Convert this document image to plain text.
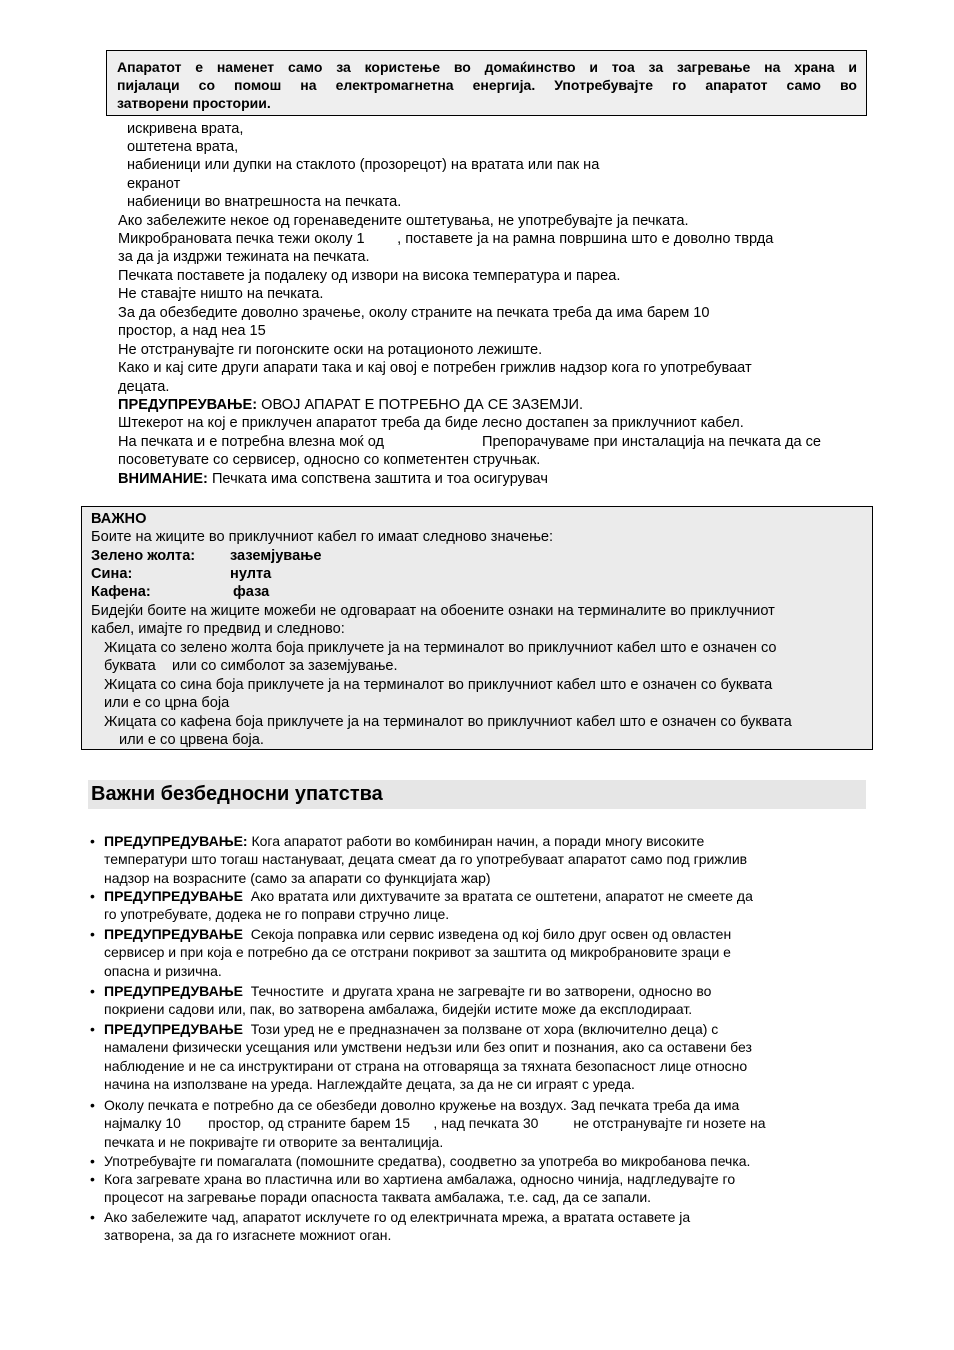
Апаратот е наменет само за користење во домаќинство и тоа за загревање на храна и
пијалаци со помош на електромагнетна енергија. Употребувајте го апаратот само во
затворени простории.
искривена врата,
оштетена врата,
набиеници или дупки на стаклото (прозорецот) на вратата или пак на
екранот
набиеници во внатрешноста на печката.
Ако забележите некое од горенаведените оштетувања, не употребувајте ја печката.
Микробрановата печка тежи околу 1        , поставете ја на рамна површина што е доволно тврда
за да ја издржи тежината на печката.
Печката поставете ја подалеку од извори на висока температура и пареа.
Не ставајте ништо на печката.
За да обезбедите доволно зрачење, околу страните на печката треба да има барем 10
простор, а над неа 15
Не отстранувајте ги погонските оски на ротационото лежиште.
Како и кај сите други апарати така и кај овој е потребен грижлив надзор кога го употребуваат
децата.
ПРЕДУПРЕУВАЊЕ: ОВОЈ АПАРАТ Е ПОТРЕБНО ДА СЕ ЗАЗЕМЈИ.
Штекерот на кој е приклучен апаратот треба да биде лесно достапен за приклучниот кабел.
На печката и е потребна влезна моќ од	Препорачуваме при инсталација на печката да се
посоветувате со сервисер, односно со копметентен стручњак.
ВНИМАНИЕ: Печката има сопствена заштита и тоа осигурувач
ВАЖНО
Боите на жиците во приклучниот кабел го имаат следново значење:
Зелено жолта: заземјување
Сина:	нулта
Кафена:	фаза
Бидејќи боите на жиците можеби не одговараат на обоените ознаки на терминалите во приклучниот
кабел, имајте го предвид и следново:
Жицата со зелено жолта боја приклучете ја на терминалот во приклучниот кабел што е означен со
буквата    или со симболот за заземјување.
Жицата со сина боја приклучете ја на терминалот во приклучниот кабел што е означен со буквата
или е со црна боја
Жицата со кафена боја приклучете ја на терминалот во приклучниот кабел што е означен со буквата
или е со црвена боја.
Важни безбедносни упатства
• ПРЕДУПРЕДУВАЊЕ: Кога апаратот работи во комбиниран начин, а поради многу високите
температури што тогаш настануваат, децата смеат да го употребуваат апаратот само под грижлив
надзор на возрасните (само за апарати со функцијата жар)
• ПРЕДУПРЕДУВАЊЕ  Ако вратата или дихтувачите за вратата се оштетени, апаратот не смеете да
го употребувате, додека не го поправи стручно лице.
• ПРЕДУПРЕДУВАЊЕ  Секоја поправка или сервис изведена од кој било друг освен од овластен
сервисер и при која е потребно да се отстрани покривот за заштита од микробрановите зраци е
опасна и ризична.
• ПРЕДУПРЕДУВАЊЕ  Течностите  и другата храна не загревајте ги во затворени, односно во
покриени садови или, пак, во затворена амбалажа, бидејќи истите може да експлодираат.
• ПРЕДУПРЕДУВАЊЕ  Този уред не е предназначен за ползване от хора (включително деца) с
намалени физически усещания или умствени недъзи или без опит и познания, ако са оставени без
наблюдение и не са инструктирани от страна на отговаряща за тяхната безопасност лице относно
начина на използване на уреда. Наглеждайте децата, за да не си играят с уреда.
• Околу печката е потребно да се обезбеди доволно кружење на воздух. Зад печката треба да има
најмалку 10       простор, од страните барем 15      , над печката 30         не отстранувајте ги нозете на
печката и не покривајте ги отворите за венталиција.
• Употребувајте ги помагалата (помошните средатва), соодветно за употреба во микробанова печка.
• Кога загревате храна во пластична или во хартиена амбалажа, односно чинија, надгледувајте го
процесот на загревање поради опасноста таквата амбалажа, т.е. сад, да се запали.
• Ако забележите чад, апаратот исклучете го од електричната мрежа, а вратата оставете ја
затворена, за да го изгаснете можниот оган.
